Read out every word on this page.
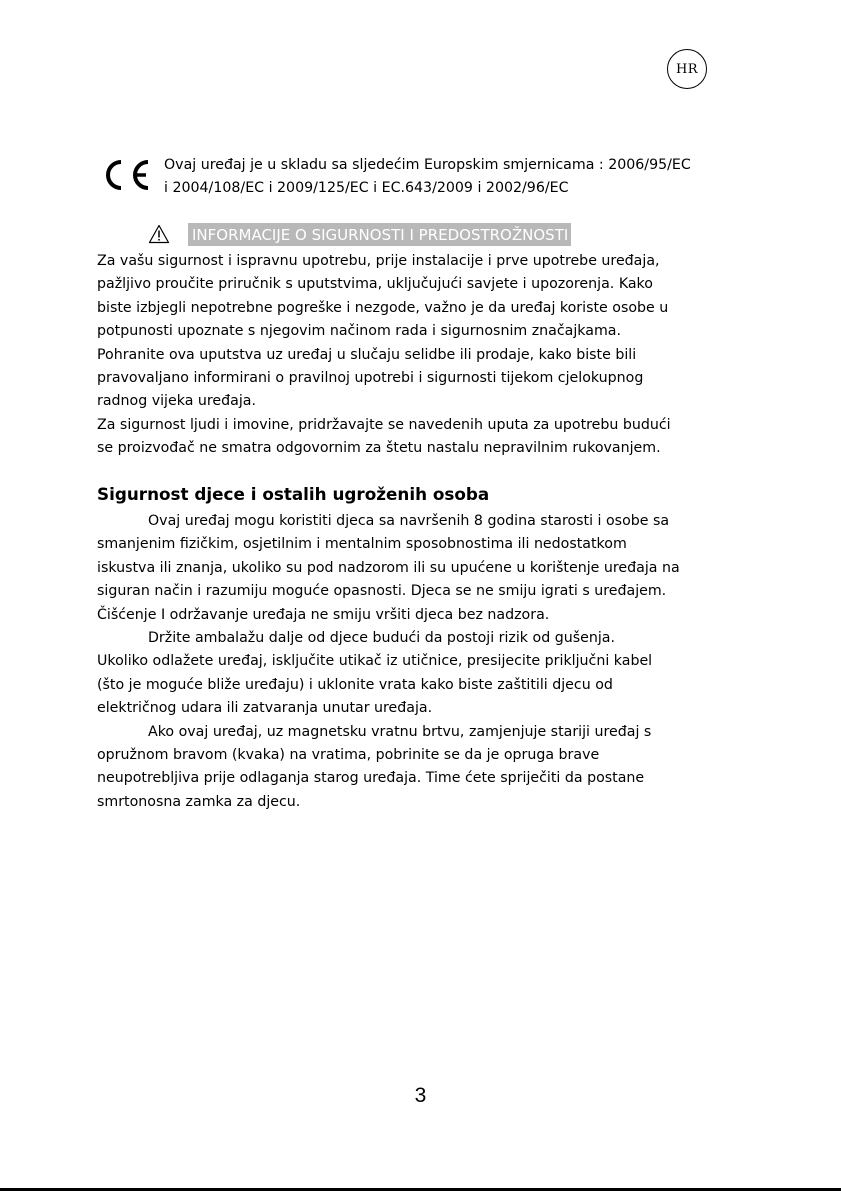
HR
Ovaj uređaj je u skladu sa sljedećim Europskim smjernicama : 2006/95/EC
i 2004/108/EC i 2009/125/EC i EC.643/2009 i 2002/96/EC
INFORMACIJE O SIGURNOSTI I PREDOSTROŽNOSTI
Za vašu sigurnost i ispravnu upotrebu, prije instalacije i prve upotrebe uređaja,
pažljivo proučite priručnik s uputstvima, uključujući savjete i upozorenja. Kako
biste izbjegli nepotrebne pogreške i nezgode, važno je da uređaj koriste osobe u
potpunosti upoznate s njegovim načinom rada i sigurnosnim značajkama.
Pohranite ova uputstva uz uređaj u slučaju selidbe ili prodaje, kako biste bili
pravovaljano informirani o pravilnoj upotrebi i sigurnosti tijekom cjelokupnog
radnog vijeka uređaja.
Za sigurnost ljudi i imovine, pridržavajte se navedenih uputa za upotrebu budući
se proizvođač ne smatra odgovornim za štetu nastalu nepravilnim rukovanjem.
Sigurnost djece i ostalih ugroženih osoba
Ovaj uređaj mogu koristiti djeca sa navršenih 8 godina starosti i osobe sa
smanjenim fizičkim, osjetilnim i mentalnim sposobnostima ili nedostatkom
iskustva ili znanja, ukoliko su pod nadzorom ili su upućene u korištenje uređaja na
siguran način i razumiju moguće opasnosti. Djeca se ne smiju igrati s uređajem.
Čišćenje I održavanje uređaja ne smiju vršiti djeca bez nadzora.
Držite ambalažu dalje od djece budući da postoji rizik od gušenja.
Ukoliko odlažete uređaj, isključite utikač iz utičnice, presijecite priključni kabel
(što je moguće bliže uređaju) i uklonite vrata kako biste zaštitili djecu od
električnog udara ili zatvaranja unutar uređaja.
Ako ovaj uređaj, uz magnetsku vratnu brtvu, zamjenjuje stariji uređaj s
opružnom bravom (kvaka) na vratima, pobrinite se da je opruga brave
neupotrebljiva prije odlaganja starog uređaja. Time ćete spriječiti da postane
smrtonosna zamka za djecu.
3
